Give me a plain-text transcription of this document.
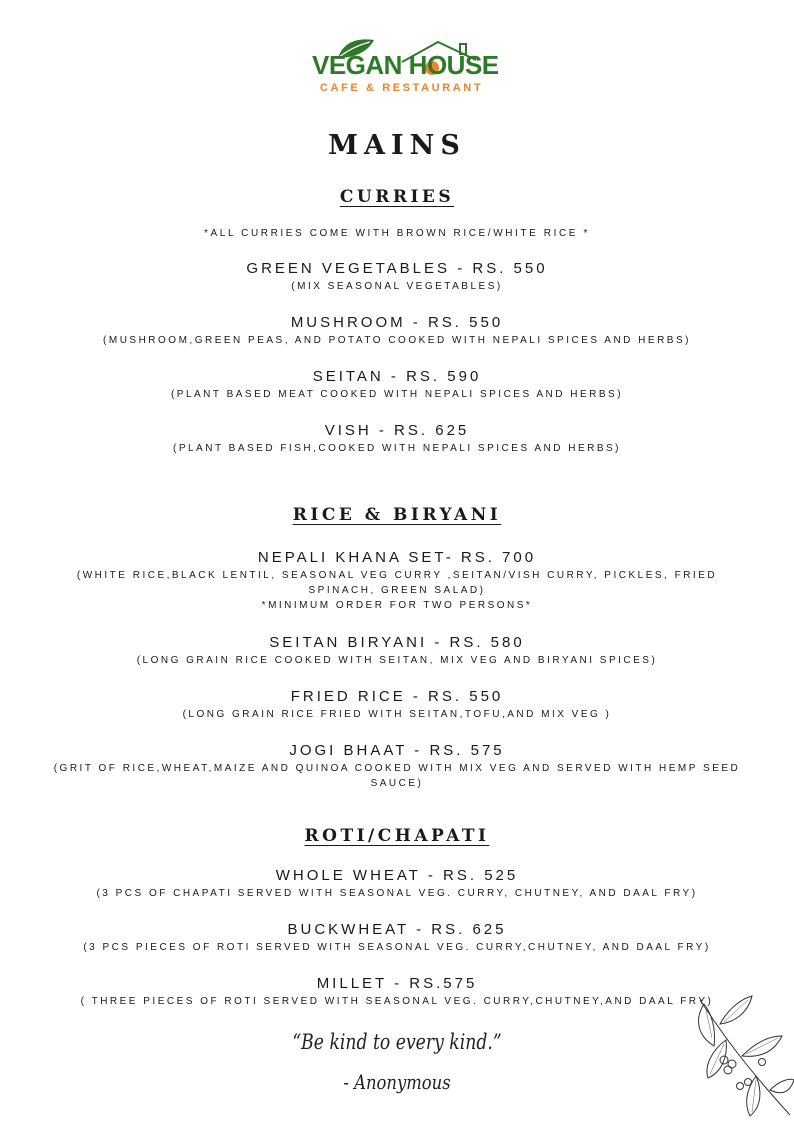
VEGAN HOUSE
CAFE & RESTAURANT
MAINS
CURRIES
*ALL CURRIES COME WITH BROWN RICE/WHITE RICE *
GREEN VEGETABLES - RS. 550
(MIX SEASONAL VEGETABLES)
MUSHROOM - RS. 550
(MUSHROOM,GREEN PEAS, AND POTATO COOKED WITH NEPALI SPICES AND HERBS)
SEITAN - RS. 590
(PLANT BASED MEAT COOKED WITH NEPALI SPICES AND HERBS)
VISH - RS. 625
(PLANT BASED FISH,COOKED WITH NEPALI SPICES AND HERBS)
RICE & BIRYANI
NEPALI KHANA SET- RS. 700
(WHITE RICE,BLACK LENTIL, SEASONAL VEG CURRY ,SEITAN/VISH CURRY, PICKLES, FRIED SPINACH, GREEN SALAD)
*MINIMUM ORDER FOR TWO PERSONS*
SEITAN BIRYANI - RS. 580
(LONG GRAIN RICE COOKED WITH SEITAN, MIX VEG AND BIRYANI SPICES)
FRIED RICE - RS. 550
(LONG GRAIN RICE FRIED WITH SEITAN,TOFU,AND MIX VEG )
JOGI BHAAT - RS. 575
(GRIT OF RICE,WHEAT,MAIZE AND QUINOA COOKED WITH MIX VEG AND SERVED WITH HEMP SEED SAUCE)
ROTI/CHAPATI
WHOLE WHEAT - RS. 525
(3 PCS OF CHAPATI SERVED WITH SEASONAL VEG. CURRY, CHUTNEY, AND DAAL FRY)
BUCKWHEAT - RS. 625
(3 PCS PIECES OF ROTI SERVED WITH SEASONAL VEG. CURRY,CHUTNEY, AND DAAL FRY)
MILLET - RS.575
( THREE PIECES OF ROTI SERVED WITH SEASONAL VEG. CURRY,CHUTNEY,AND DAAL FRY)
“Be kind to every kind.”
- Anonymous
